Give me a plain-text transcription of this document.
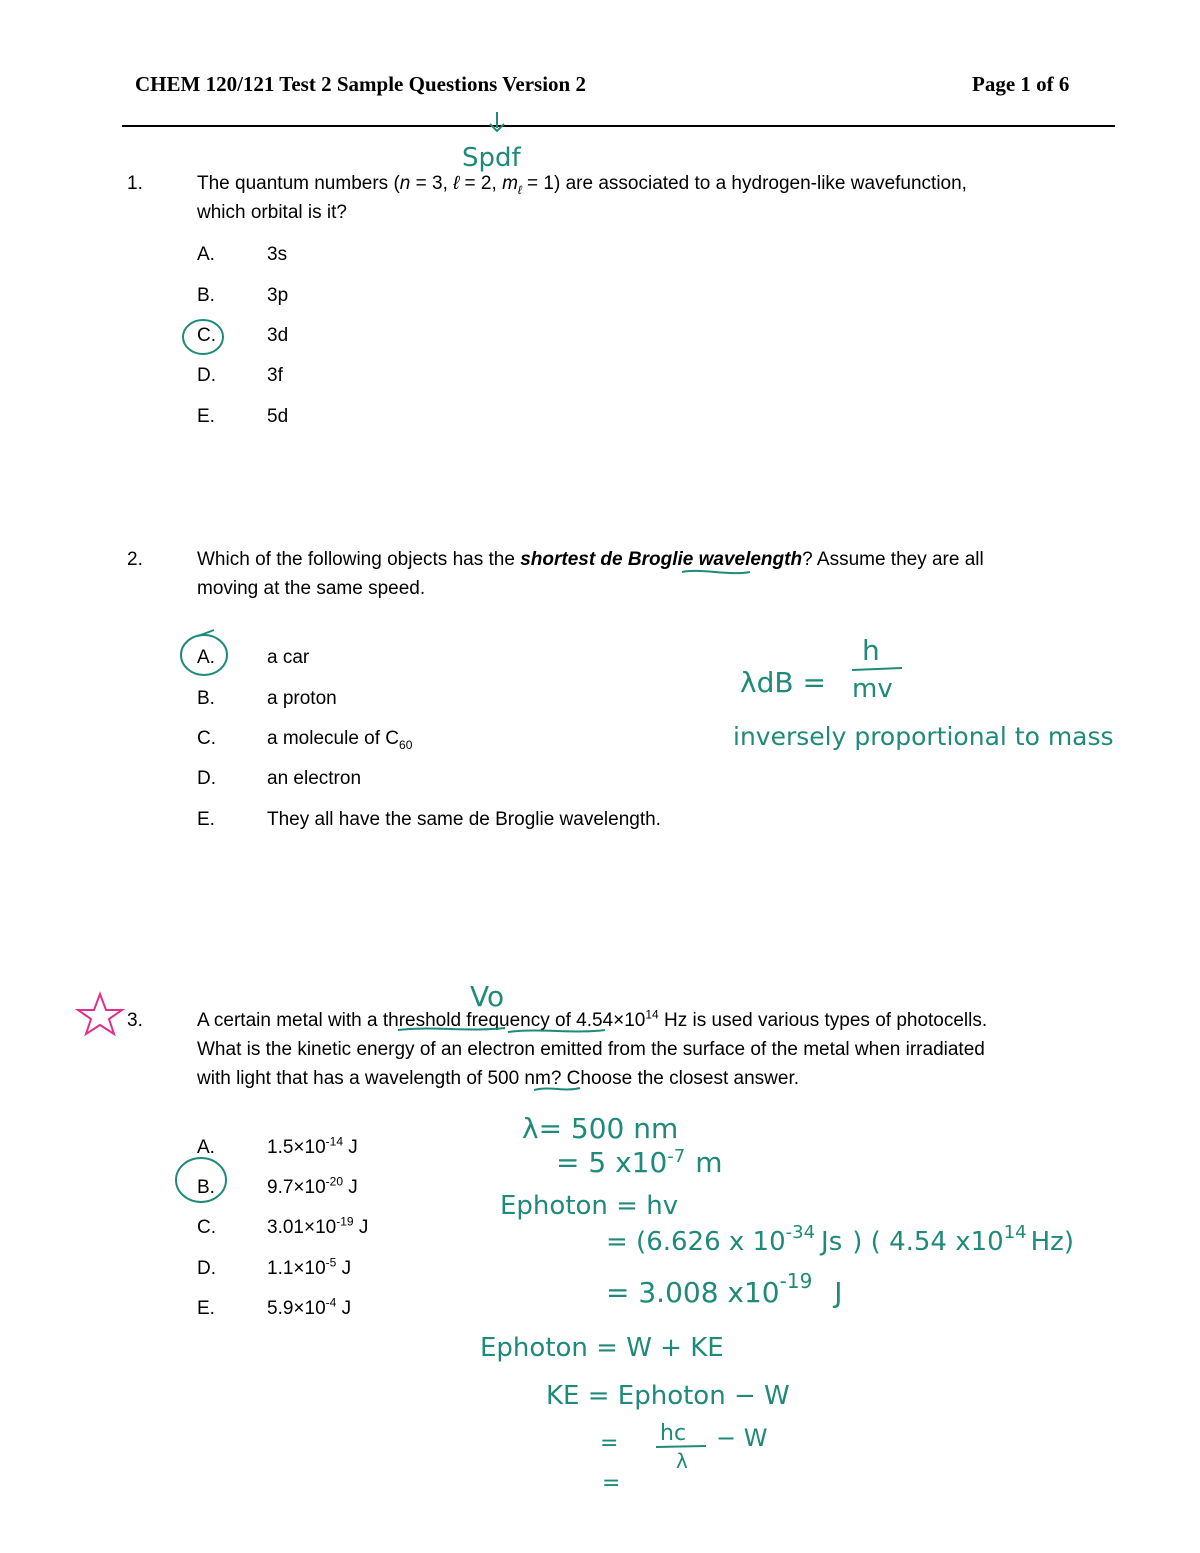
CHEM 120/121 Test 2 Sample Questions Version 2	Page 1 of 6
1.	The quantum numbers (n = 3, ℓ = 2, $m_\ell = 1$) are associated to a hydrogen-like wavefunction,
which orbital is it?
A.	3s
B.	3p
C.	3d
D.	3f
E.	5d
2.	Which of the following objects has the shortest de Broglie wavelength? Assume they are all
moving at the same speed.
A.	a car
B.	a proton
C.	a molecule of $C_{60}$
D.	an electron
E.	They all have the same de Broglie wavelength.
3.	A certain metal with a threshold frequency of $4.54\times 10^{14}$ Hz is used various types of photocells.
What is the kinetic energy of an electron emitted from the surface of the metal when irradiated
with light that has a wavelength of 500 nm? Choose the closest answer.
A.	$1.5\times 10^{-14}$ J
B.	$9.7\times 10^{-20}$ J
C.	$3.01\times 10^{-19}$ J
D.	$1.1\times 10^{-5}$ J
E.	$5.9\times 10^{-4}$ J
Spdf
λdB =
h
mv
inversely proportional to mass
Vo
λ= 500 nm
= 5 $x10^{-7}$ m
Ephoton = hv
= (6.626 x $10^{-34}$ Js ) ( 4.54 $x10^{14}$ Hz)
= 3.008 $x10^{-19}$ J
Ephoton = W + KE
KE = Ephoton − W
= hc
λ
− W
=
